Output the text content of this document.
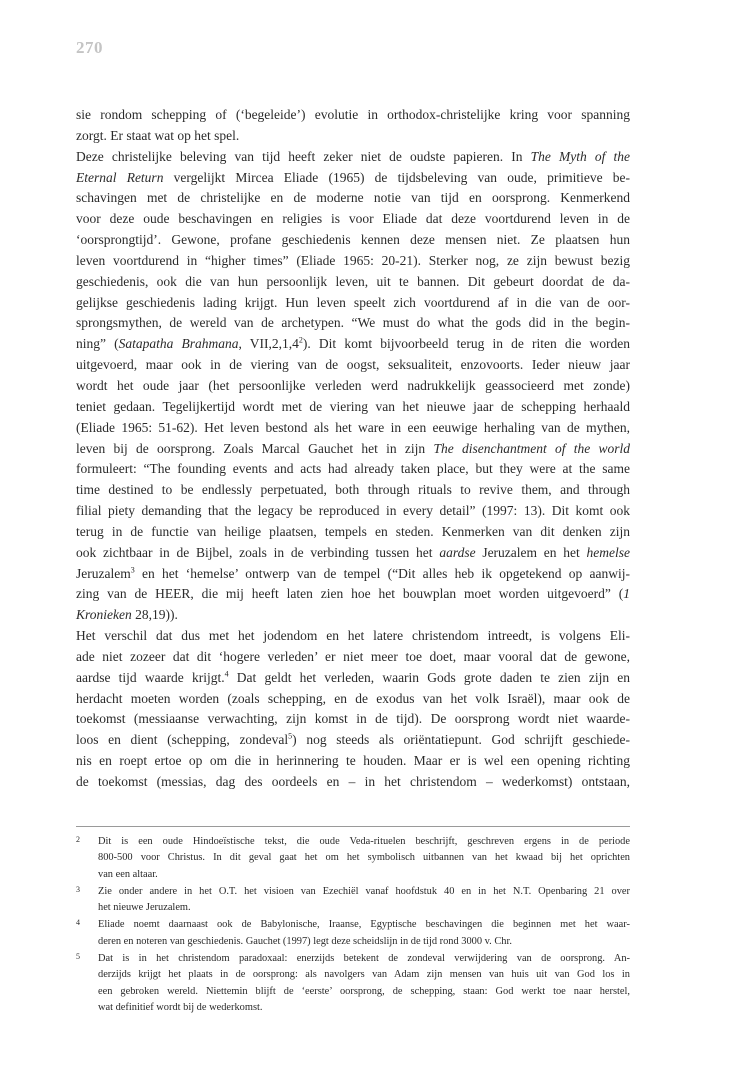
270
sie rondom schepping of (‘begeleide’) evolutie in orthodox-christelijke kring voor spanning
zorgt. Er staat wat op het spel.
Deze christelijke beleving van tijd heeft zeker niet de oudste papieren. In The Myth of the
Eternal Return vergelijkt Mircea Eliade (1965) de tijdsbeleving van oude, primitieve be-
schavingen met de christelijke en de moderne notie van tijd en oorsprong. Kenmerkend
voor deze oude beschavingen en religies is voor Eliade dat deze voortdurend leven in de
‘oorsprongtijd’. Gewone, profane geschiedenis kennen deze mensen niet. Ze plaatsen hun
leven voortdurend in “higher times” (Eliade 1965: 20-21). Sterker nog, ze zijn bewust bezig
geschiedenis, ook die van hun persoonlijk leven, uit te bannen. Dit gebeurt doordat de da-
gelijkse geschiedenis lading krijgt. Hun leven speelt zich voortdurend af in die van de oor-
sprongsmythen, de wereld van de archetypen. “We must do what the gods did in the begin-
ning” (Satapatha Brahmana, VII,2,1,4$^2$). Dit komt bijvoorbeeld terug in de riten die worden
uitgevoerd, maar ook in de viering van de oogst, seksualiteit, enzovoorts. Ieder nieuw jaar
wordt het oude jaar (het persoonlijke verleden werd nadrukkelijk geassocieerd met zonde)
teniet gedaan. Tegelijkertijd wordt met de viering van het nieuwe jaar de schepping herhaald
(Eliade 1965: 51-62). Het leven bestond als het ware in een eeuwige herhaling van de mythen,
leven bij de oorsprong. Zoals Marcal Gauchet het in zijn The disenchantment of the world
formuleert: “The founding events and acts had already taken place, but they were at the same
time destined to be endlessly perpetuated, both through rituals to revive them, and through
filial piety demanding that the legacy be reproduced in every detail” (1997: 13). Dit komt ook
terug in de functie van heilige plaatsen, tempels en steden. Kenmerken van dit denken zijn
ook zichtbaar in de Bijbel, zoals in de verbinding tussen het aardse Jeruzalem en het hemelse
Jeruzalem$^3$ en het ‘hemelse’ ontwerp van de tempel (“Dit alles heb ik opgetekend op aanwij-
zing van de HEER, die mij heeft laten zien hoe het bouwplan moet worden uitgevoerd” (1
Kronieken 28,19)).
Het verschil dat dus met het jodendom en het latere christendom intreedt, is volgens Eli-
ade niet zozeer dat dit ‘hogere verleden’ er niet meer toe doet, maar vooral dat de gewone,
aardse tijd waarde krijgt.$^4$ Dat geldt het verleden, waarin Gods grote daden te zien zijn en
herdacht moeten worden (zoals schepping, en de exodus van het volk Israël), maar ook de
toekomst (messiaanse verwachting, zijn komst in de tijd). De oorsprong wordt niet waarde-
loos en dient (schepping, zondeval$^5$) nog steeds als oriëntatiepunt. God schrijft geschiede-
nis en roept ertoe op om die in herinnering te houden. Maar er is wel een opening richting
de toekomst (messias, dag des oordeels en – in het christendom – wederkomst) ontstaan,
2 Dit is een oude Hindoeïstische tekst, die oude Veda-rituelen beschrijft, geschreven ergens in de periode
800-500 voor Christus. In dit geval gaat het om het symbolisch uitbannen van het kwaad bij het oprichten
van een altaar.
3 Zie onder andere in het O.T. het visioen van Ezechiël vanaf hoofdstuk 40 en in het N.T. Openbaring 21 over
het nieuwe Jeruzalem.
4 Eliade noemt daarnaast ook de Babylonische, Iraanse, Egyptische beschavingen die beginnen met het waar-
deren en noteren van geschiedenis. Gauchet (1997) legt deze scheidslijn in de tijd rond 3000 v. Chr.
5 Dat is in het christendom paradoxaal: enerzijds betekent de zondeval verwijdering van de oorsprong. An-
derzijds krijgt het plaats in de oorsprong: als navolgers van Adam zijn mensen van huis uit van God los in
een gebroken wereld. Niettemin blijft de ‘eerste’ oorsprong, de schepping, staan: God werkt toe naar herstel,
wat definitief wordt bij de wederkomst.
